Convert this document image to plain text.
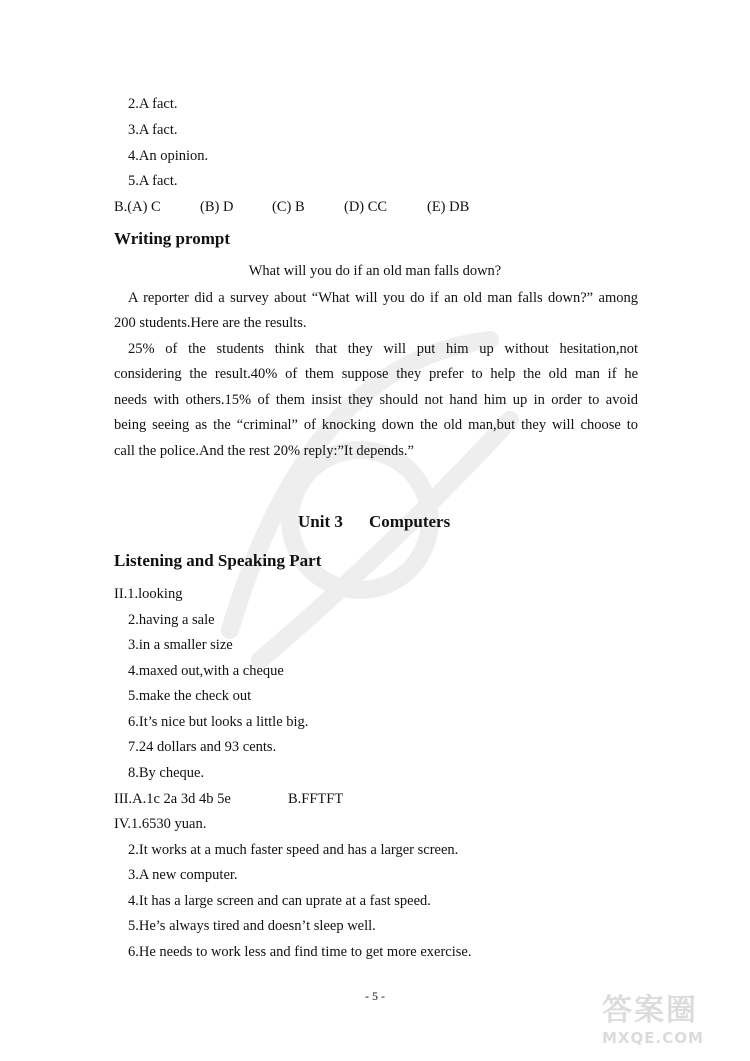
2.A fact.
3.A fact.
4.An opinion.
5.A fact.
B.(A) C	(B) D	(C) B	(D) CC	(E) DB
Writing prompt
What will you do if an old man falls down?
A reporter did a survey about “What will you do if an old man falls down?” among
200 students.Here are the results.
25% of the students think that they will put him up without hesitation,not
considering the result.40% of them suppose they prefer to help the old man if he
needs with others.15% of them insist they should not hand him up in order to avoid
being seeing as the “criminal” of knocking down the old man,but they will choose to
call the police.And the rest 20% reply:”It depends.”
Unit 3 Computers
Listening and Speaking Part
II.1.looking
2.having a sale
3.in a smaller size
4.maxed out,with a cheque
5.make the check out
6.It’s nice but looks a little big.
7.24 dollars and 93 cents.
8.By cheque.
III.A.1c 2a 3d 4b 5e	B.FFTFT
IV.1.6530 yuan.
2.It works at a much faster speed and has a larger screen.
3.A new computer.
4.It has a large screen and can uprate at a fast speed.
5.He’s always tired and doesn’t sleep well.
6.He needs to work less and find time to get more exercise.
- 5 -	答案圈
MXQE.COM
